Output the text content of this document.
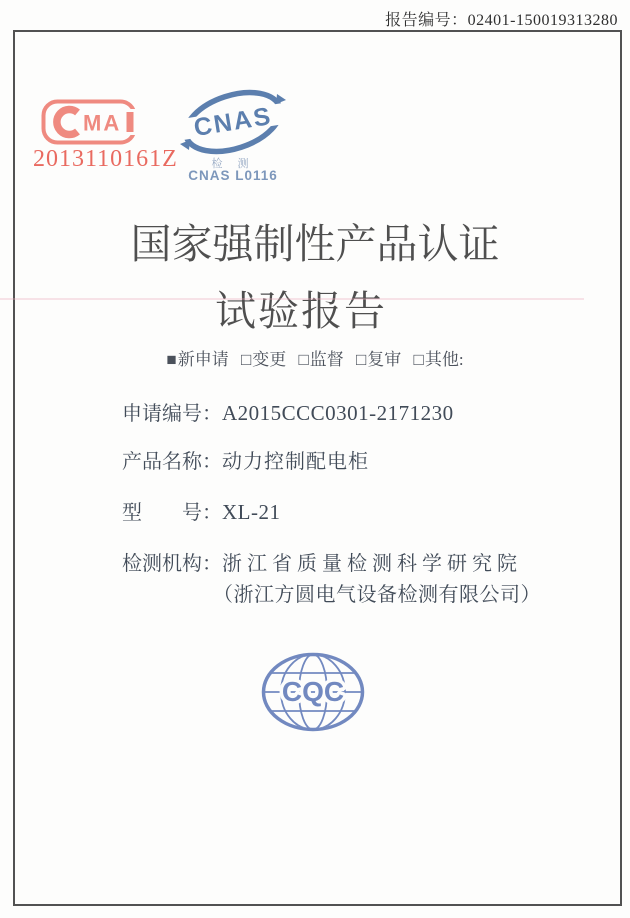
报告编号：02401-150019313280
MA
2013110161Z
CNAS
检 测
CNAS L0116
国家强制性产品认证
试验报告
■新申请 □变更 □监督 □复审 □其他:
申请编号：A2015CCC0301-2171230
产品名称：动力控制配电柜
型 号： XL-21
检测机构：浙江省质量检测科学研究院
（浙江方圆电气设备检测有限公司）
CQC
